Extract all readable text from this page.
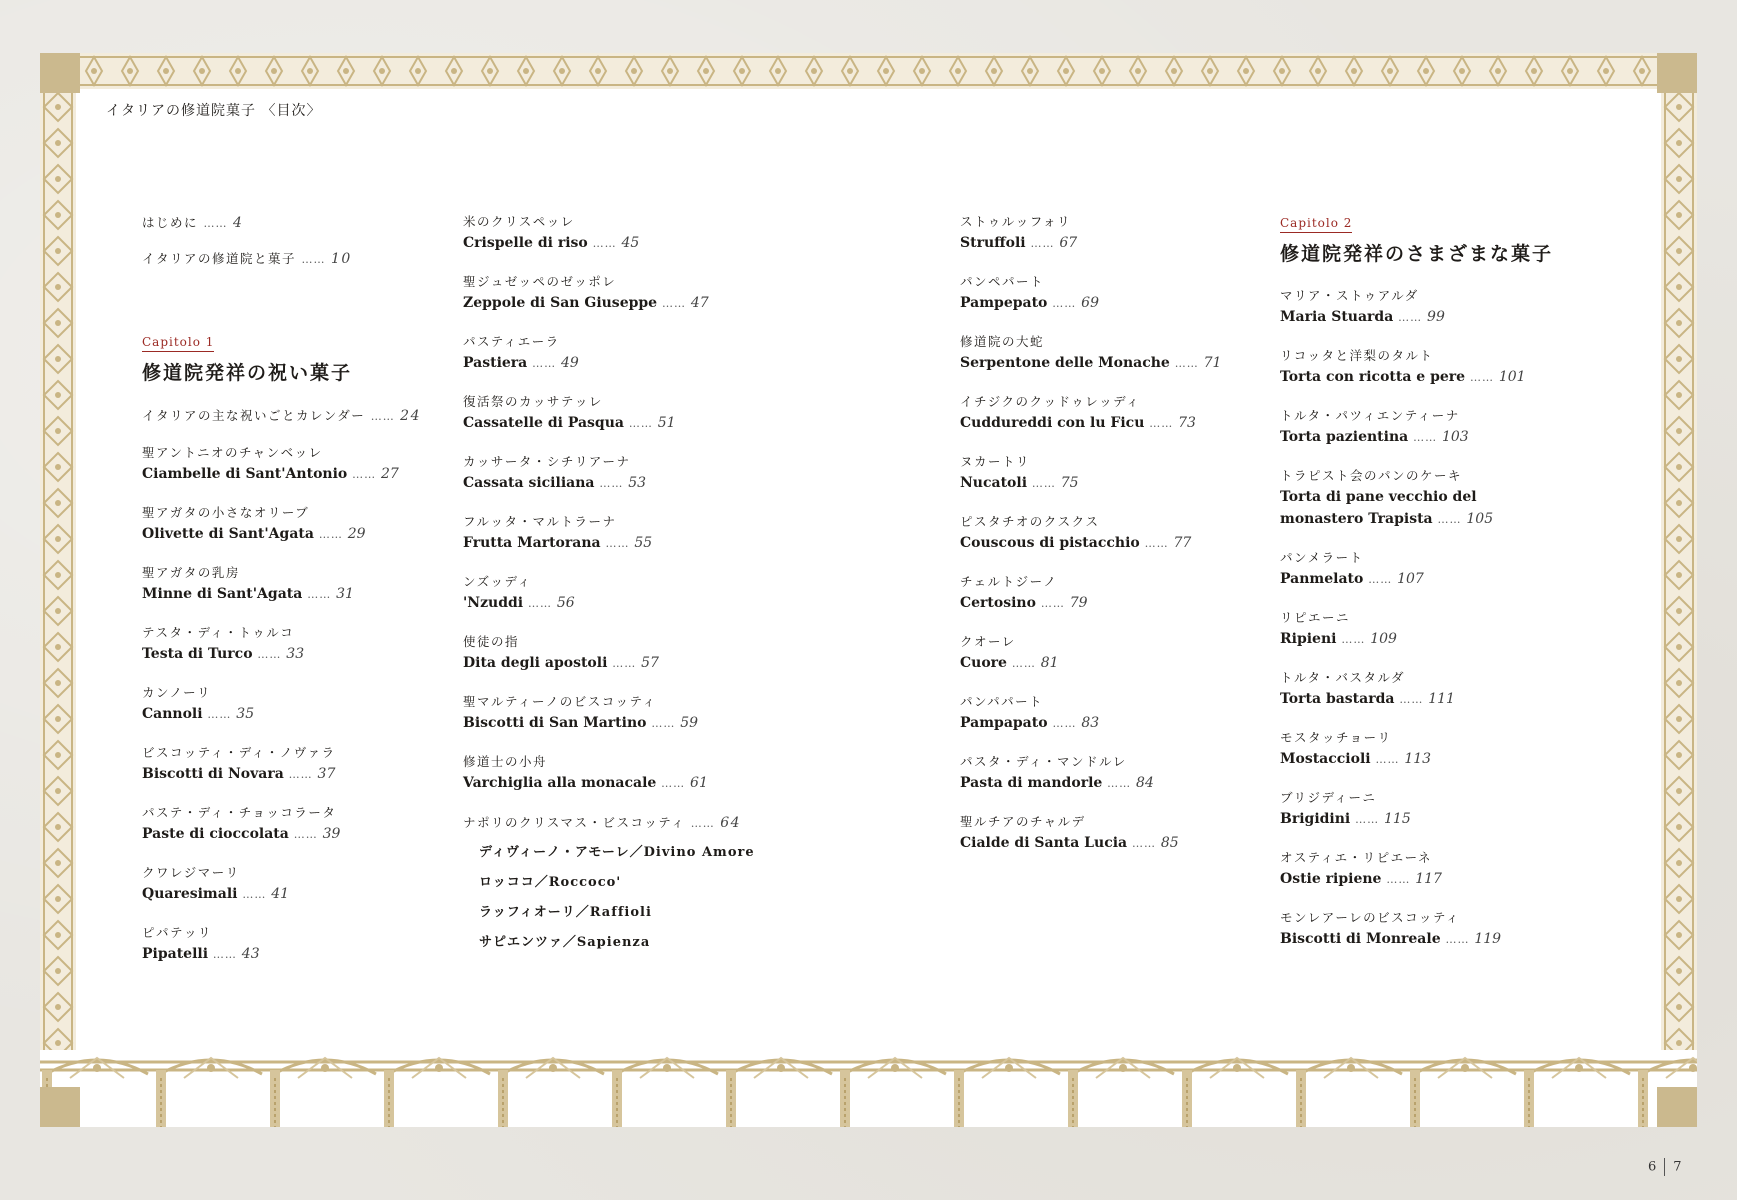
イタリアの修道院菓子 〈目次〉
はじめに …… 4
イタリアの修道院と菓子 …… 10
Capitolo 1
修道院発祥の祝い菓子
イタリアの主な祝いごとカレンダー …… 24
聖アントニオのチャンベッレ
Ciambelle di Sant'Antonio …… 27
聖アガタの小さなオリーブ
Olivette di Sant'Agata …… 29
聖アガタの乳房
Minne di Sant'Agata …… 31
テスタ・ディ・トゥルコ
Testa di Turco …… 33
カンノーリ
Cannoli …… 35
ビスコッティ・ディ・ノヴァラ
Biscotti di Novara …… 37
パステ・ディ・チョッコラータ
Paste di cioccolata …… 39
クワレジマーリ
Quaresimali …… 41
ピパテッリ
Pipatelli …… 43
米のクリスペッレ
Crispelle di riso …… 45
聖ジュゼッペのゼッポレ
Zeppole di San Giuseppe …… 47
パスティエーラ
Pastiera …… 49
復活祭のカッサテッレ
Cassatelle di Pasqua …… 51
カッサータ・シチリアーナ
Cassata siciliana …… 53
フルッタ・マルトラーナ
Frutta Martorana …… 55
ンズッディ
'Nzuddi …… 56
使徒の指
Dita degli apostoli …… 57
聖マルティーノのビスコッティ
Biscotti di San Martino …… 59
修道士の小舟
Varchiglia alla monacale …… 61
ナポリのクリスマス・ビスコッティ …… 64
ディヴィーノ・アモーレ／Divino Amore
ロッココ／Roccoco'
ラッフィオーリ／Raffioli
サピエンツァ／Sapienza
ストゥルッフォリ
Struffoli …… 67
パンペパート
Pampepato …… 69
修道院の大蛇
Serpentone delle Monache …… 71
イチジクのクッドゥレッディ
Cuddureddi con lu Ficu …… 73
ヌカートリ
Nucatoli …… 75
ピスタチオのクスクス
Couscous di pistacchio …… 77
チェルトジーノ
Certosino …… 79
クオーレ
Cuore …… 81
パンパパート
Pampapato …… 83
パスタ・ディ・マンドルレ
Pasta di mandorle …… 84
聖ルチアのチャルデ
Cialde di Santa Lucia …… 85
Capitolo 2
修道院発祥のさまざまな菓子
マリア・ストゥアルダ
Maria Stuarda …… 99
リコッタと洋梨のタルト
Torta con ricotta e pere …… 101
トルタ・パツィエンティーナ
Torta pazientina …… 103
トラピスト会のパンのケーキ
Torta di pane vecchio del
monastero Trapista …… 105
パンメラート
Panmelato …… 107
リピエーニ
Ripieni …… 109
トルタ・バスタルダ
Torta bastarda …… 111
モスタッチョーリ
Mostaccioli …… 113
ブリジディーニ
Brigidini …… 115
オスティエ・リピエーネ
Ostie ripiene …… 117
モンレアーレのビスコッティ
Biscotti di Monreale …… 119
6 7
